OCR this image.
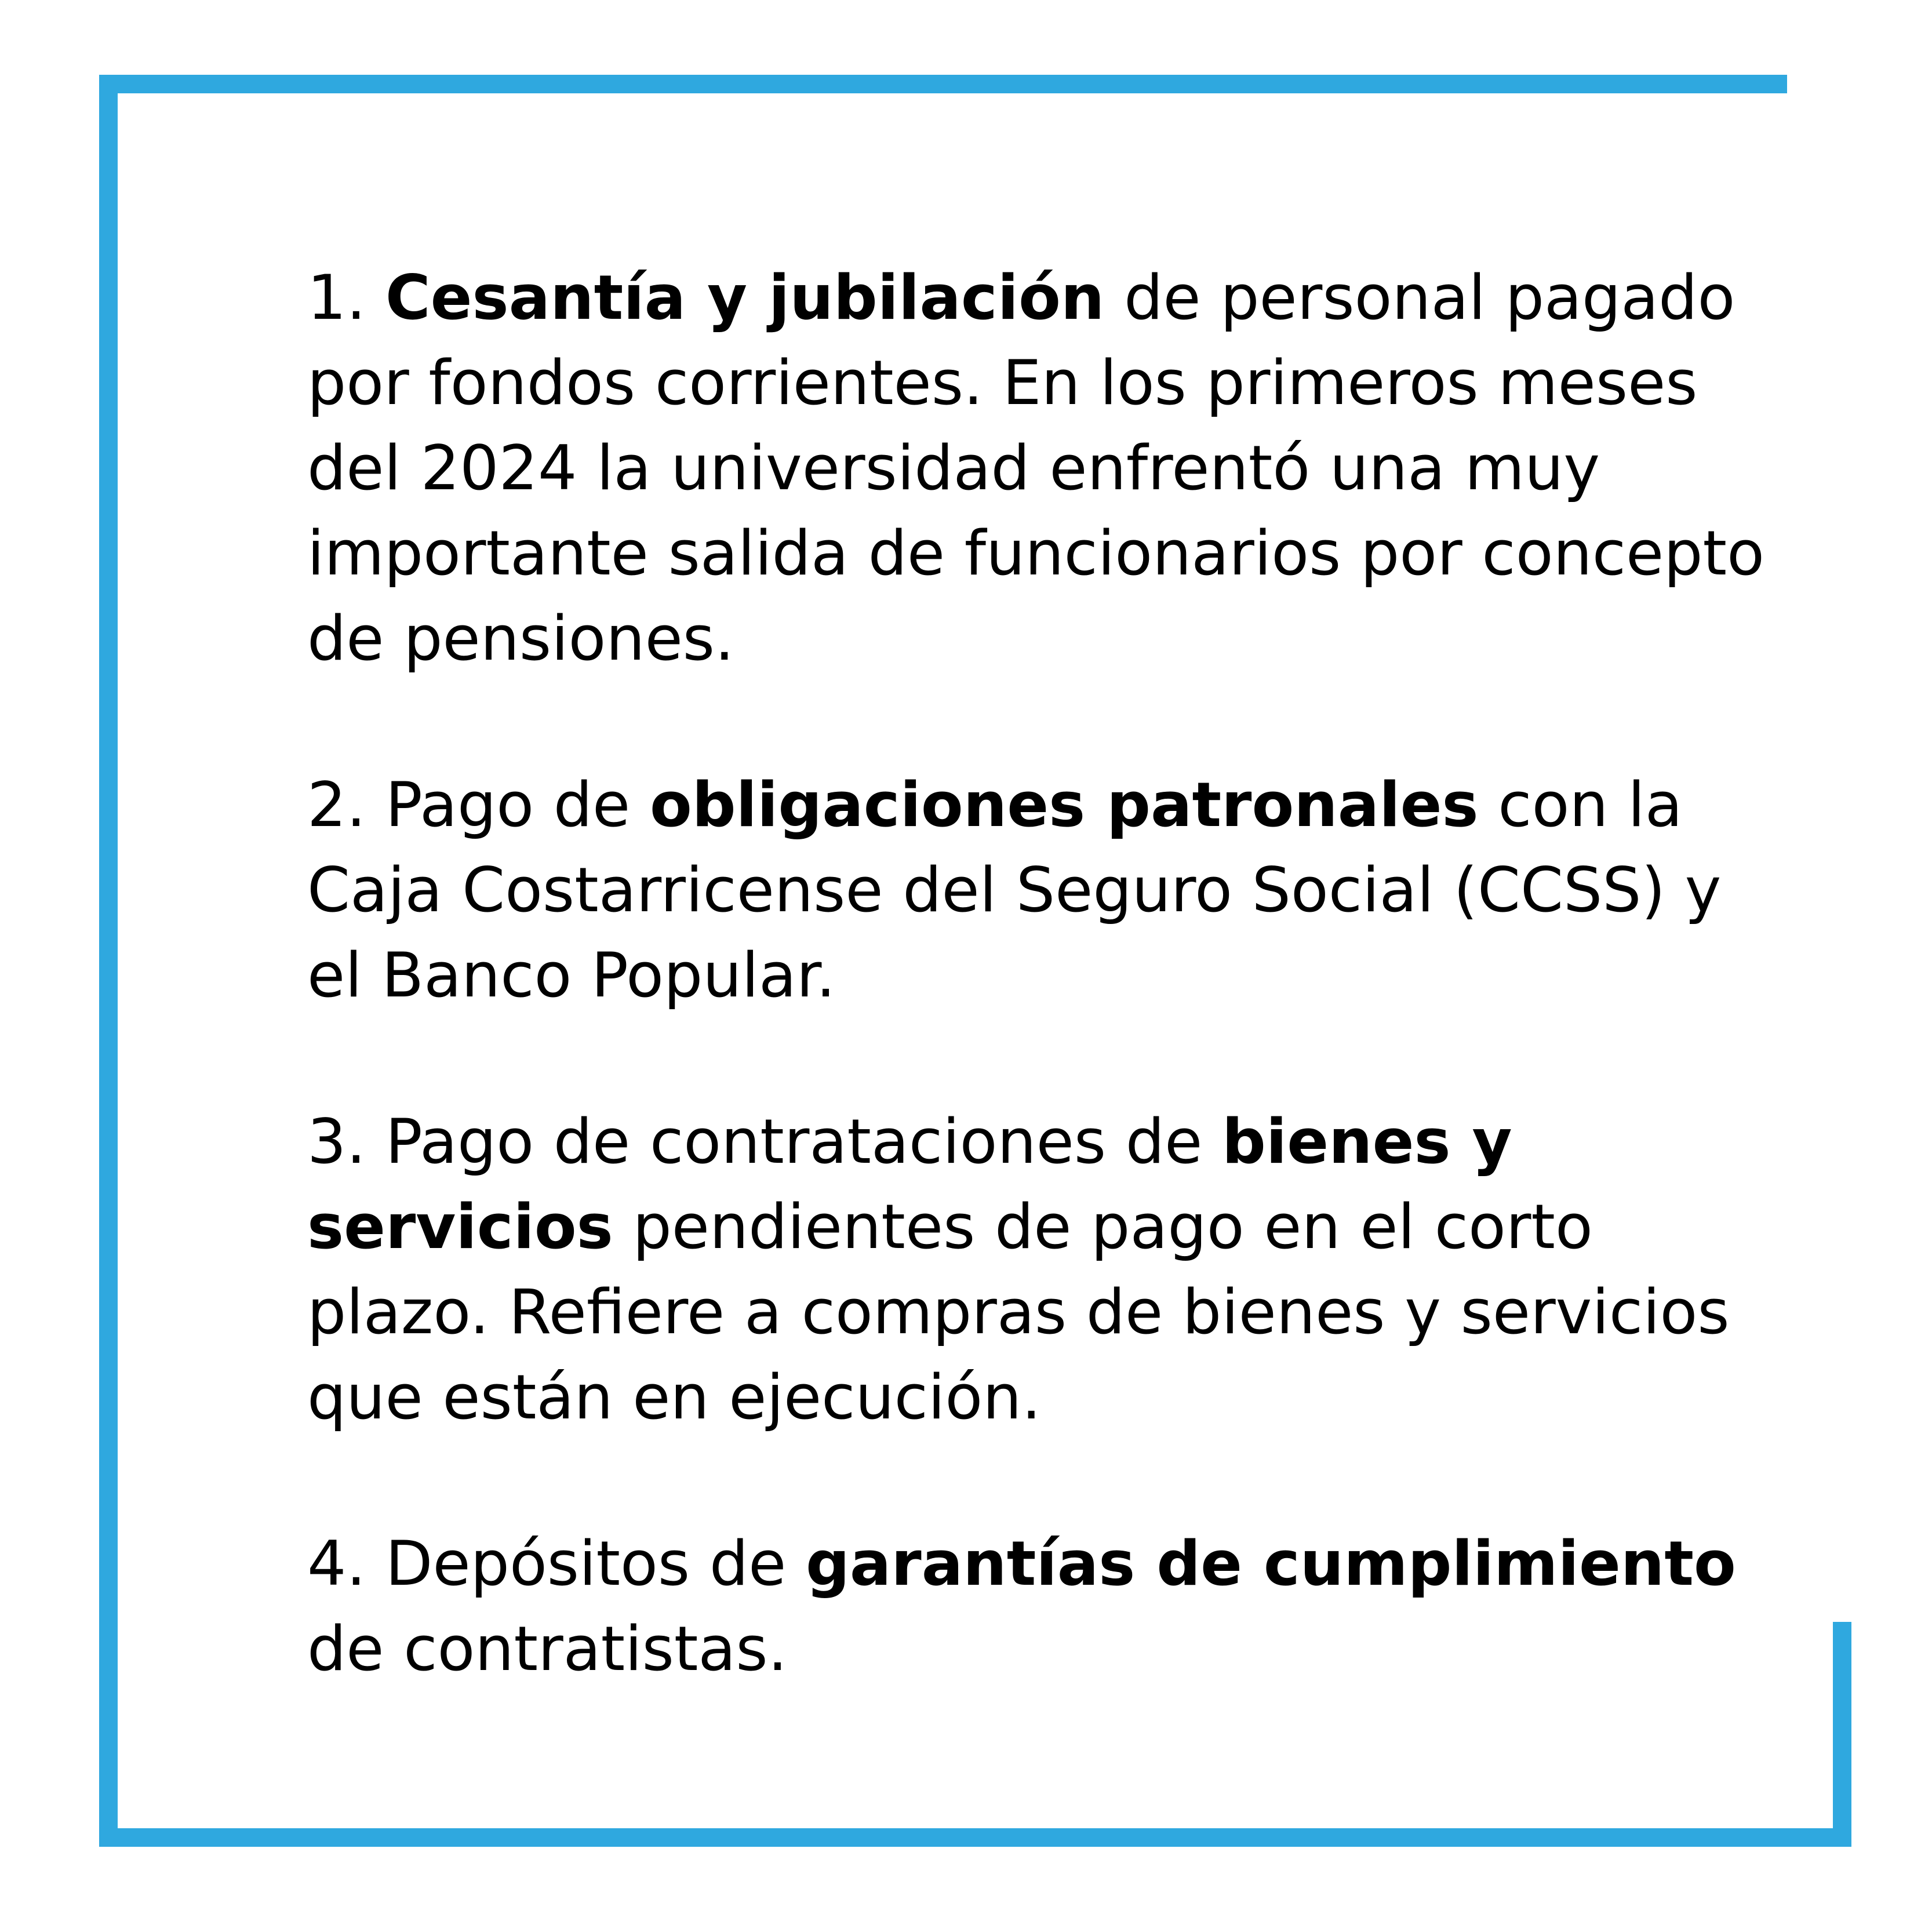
1. Cesantía y jubilación de personal pagado por fondos corrientes. En los primeros meses del 2024 la universidad enfrentó una muy importante salida de funcionarios por concepto de pensiones.

2. Pago de obligaciones patronales con la Caja Costarricense del Seguro Social (CCSS) y el Banco Popular.

3. Pago de contrataciones de bienes y servicios pendientes de pago en el corto plazo. Refiere a compras de bienes y servicios que están en ejecución.

4. Depósitos de garantías de cumplimiento de contratistas.
